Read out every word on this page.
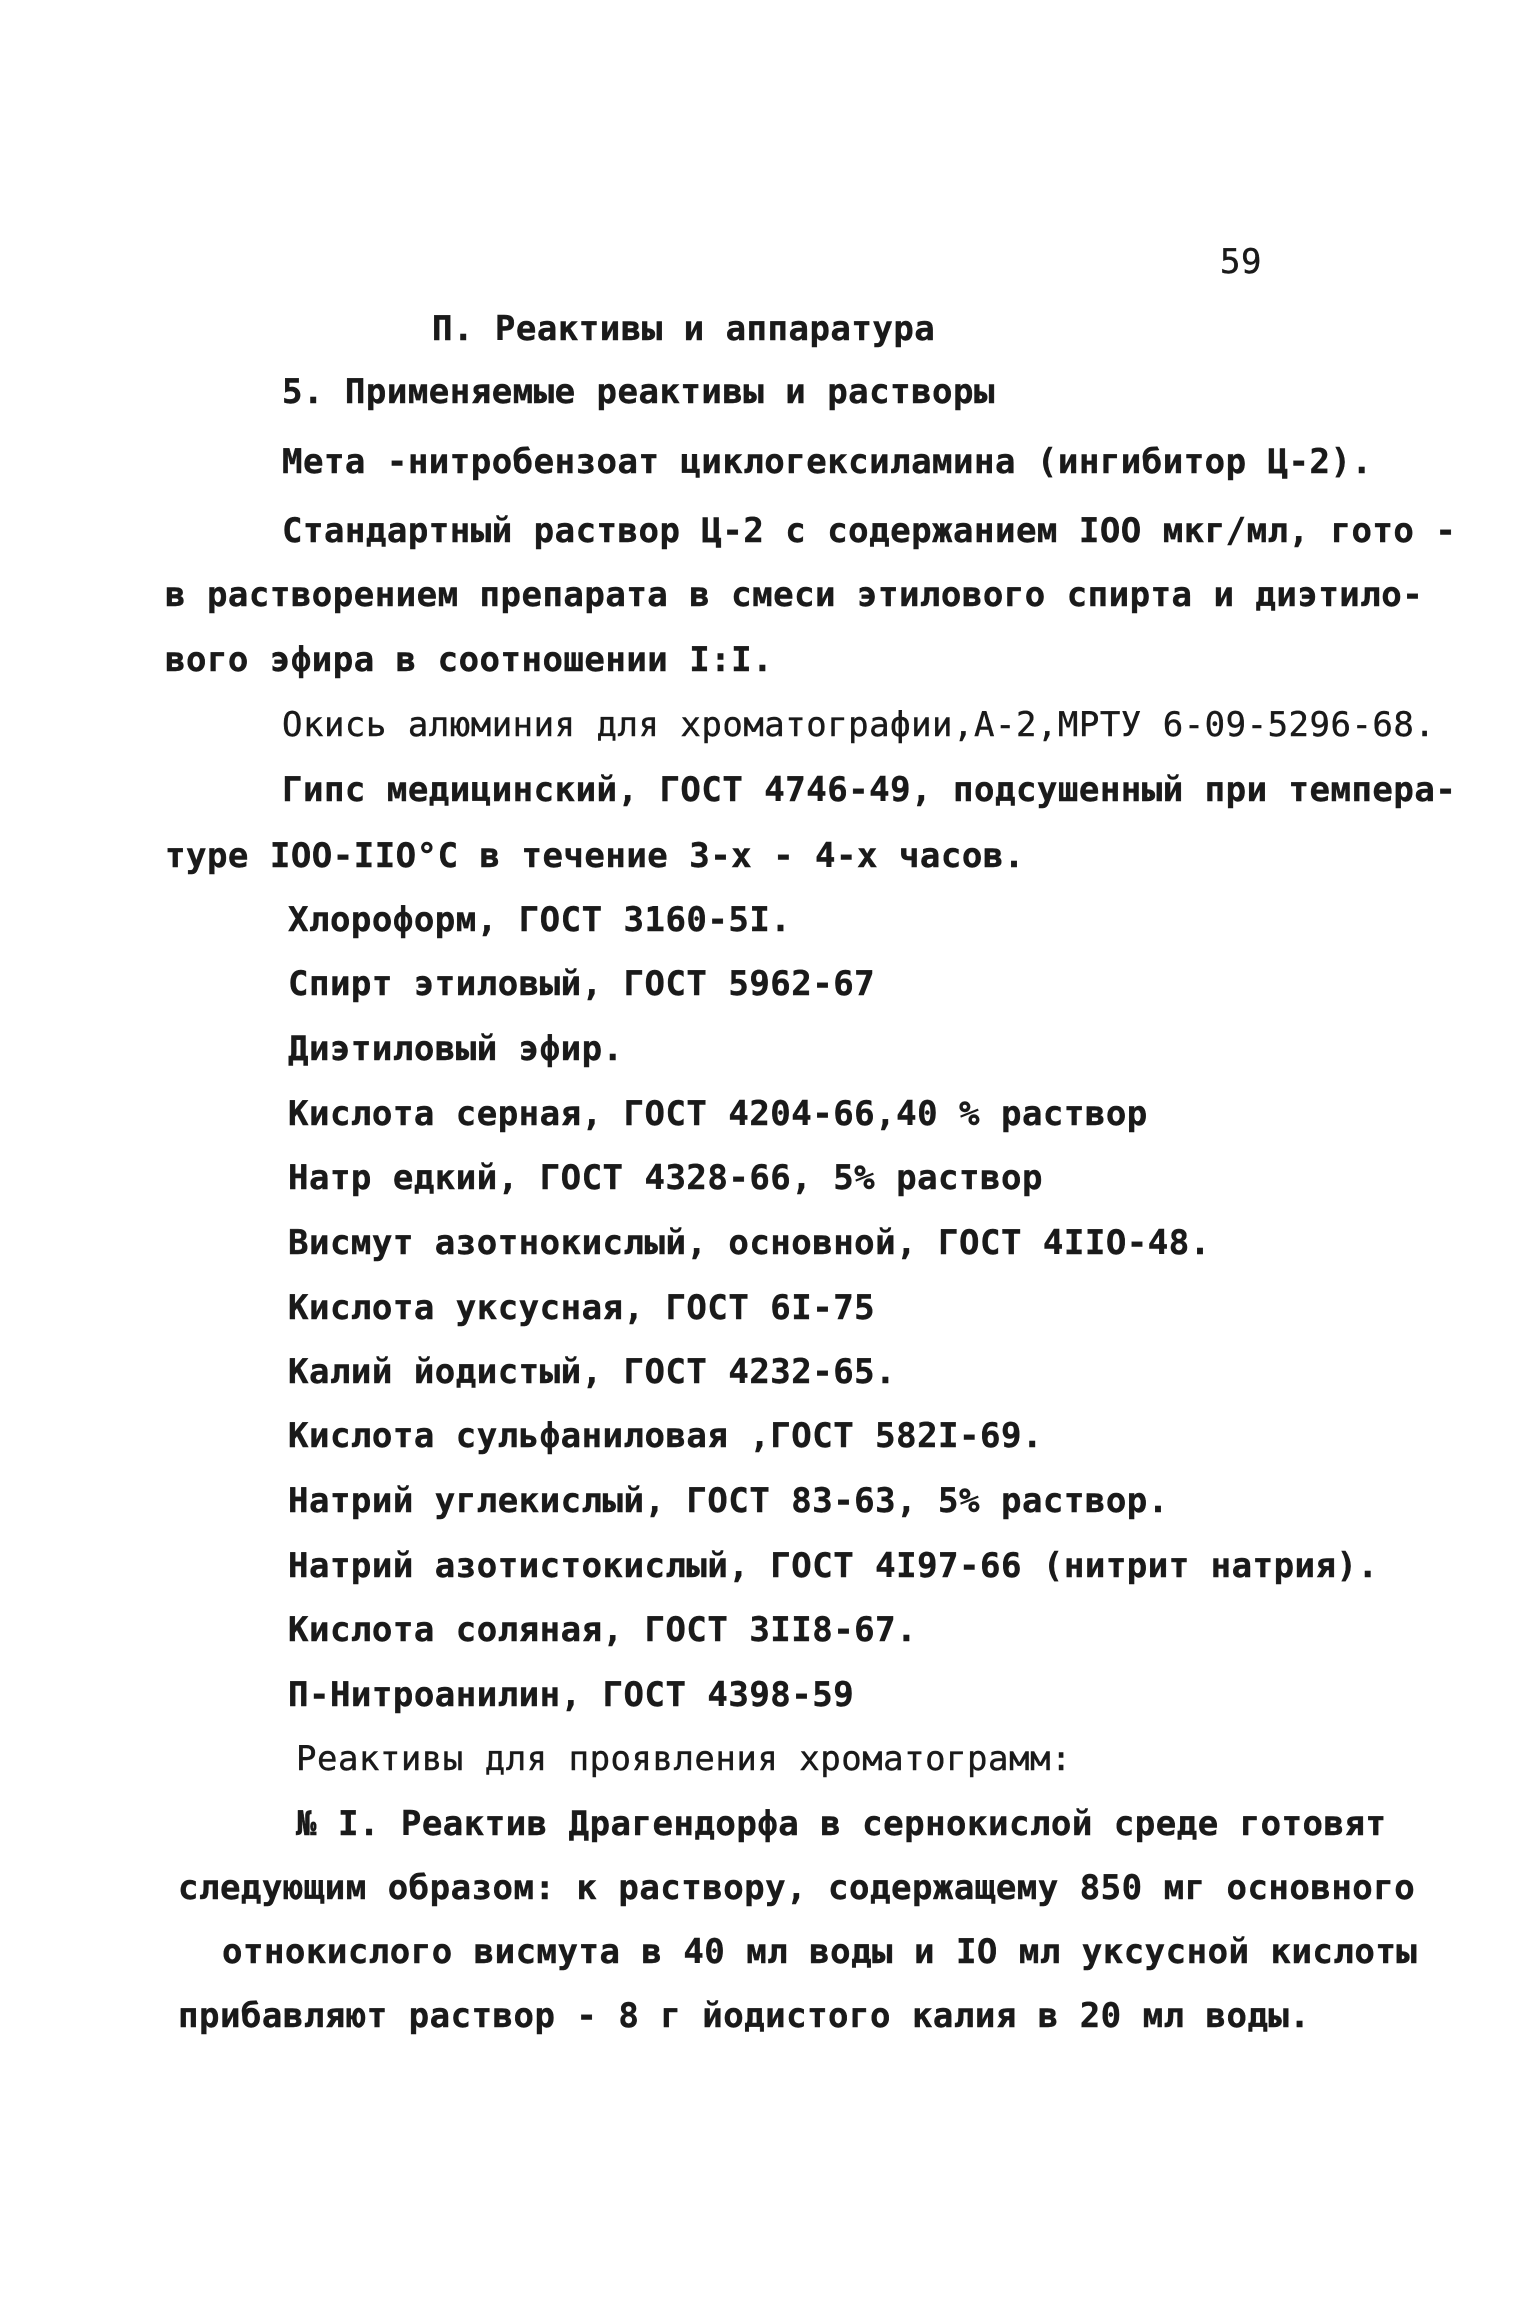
59
П. Реактивы и аппаратура
5. Применяемые реактивы и растворы
Мета -нитробензоат циклогексиламина (ингибитор Ц-2).
Стандартный раствор Ц-2 с содержанием IOO мкг/мл, гото -
в растворением препарата в смеси этилового спирта и диэтило-
вого эфира в соотношении I:I.
Окись алюминия для хроматографии,А-2,МРТУ 6-09-5296-68.
Гипс медицинский, ГОСТ 4746-49, подсушенный при темпера-
туре IOO-IIO°C в течение 3-х - 4-х часов.
Хлороформ, ГОСТ 3160-5I.
Спирт этиловый, ГОСТ 5962-67
Диэтиловый эфир.
Кислота серная, ГОСТ 4204-66,40 % раствор
Натр едкий, ГОСТ 4328-66, 5% раствор
Висмут азотнокислый, основной, ГОСТ 4IIO-48.
Кислота уксусная, ГОСТ 6I-75
Калий йодистый, ГОСТ 4232-65.
Кислота сульфаниловая ,ГОСТ 582I-69.
Натрий углекислый, ГОСТ 83-63, 5% раствор.
Натрий азотистокислый, ГОСТ 4I97-66 (нитрит натрия).
Кислота соляная, ГОСТ 3II8-67.
П-Нитроанилин, ГОСТ 4398-59
Реактивы для проявления хроматограмм:
№ I. Реактив Драгендорфа в сернокислой среде готовят
следующим образом: к раствору, содержащему 850 мг основного
отнокислого висмута в 40 мл воды и IO мл уксусной кислоты
прибавляют раствор - 8 г йодистого калия в 20 мл воды.
